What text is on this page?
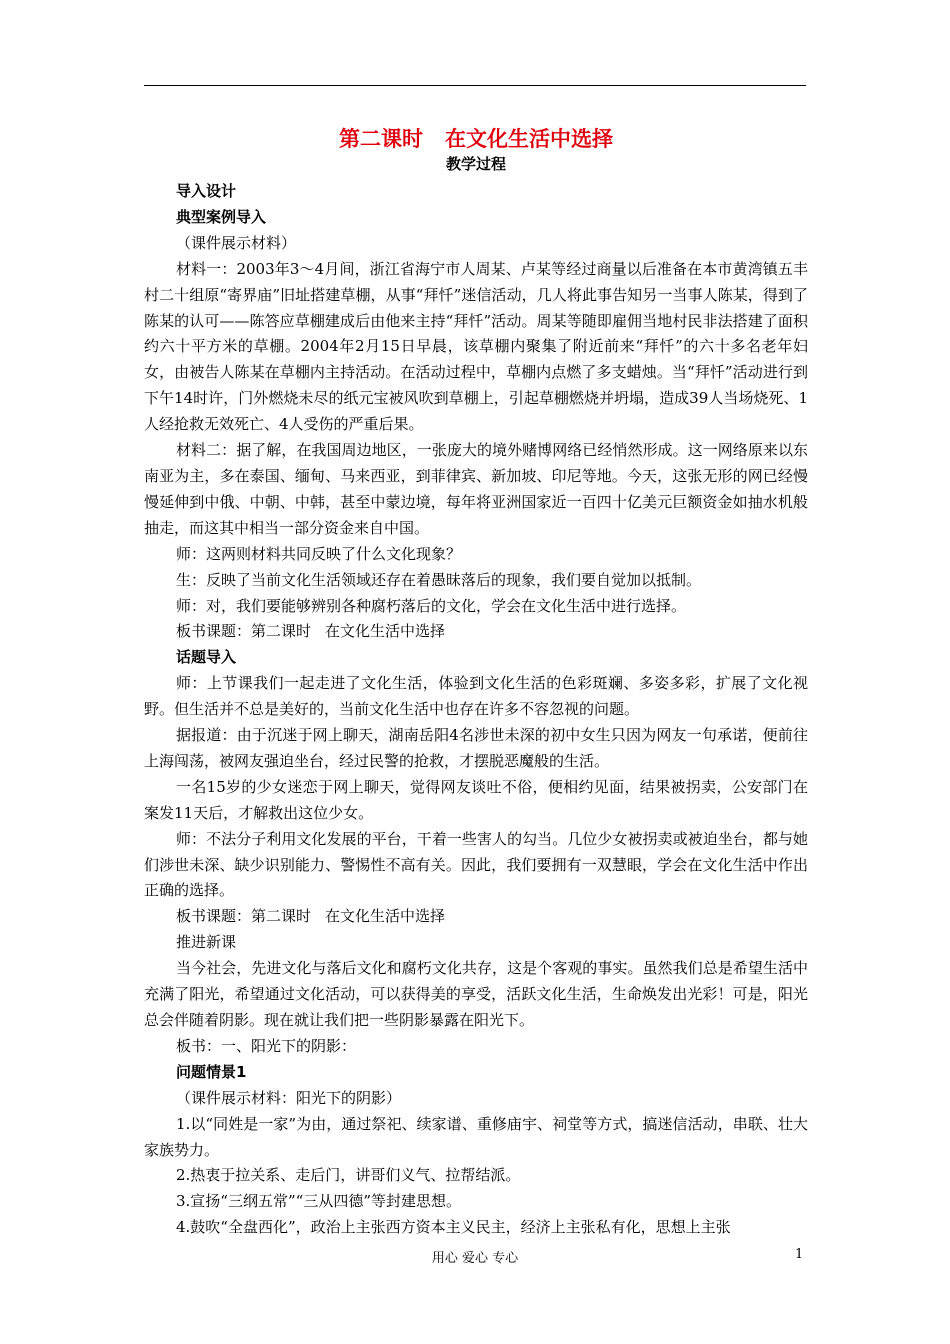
第二课时 在文化生活中选择
教学过程

导入设计

典型案例导入

（课件展示材料）

材料一：2003年3～4月间，浙江省海宁市人周某、卢某等经过商量以后准备在本市黄湾镇五丰村二十组原“寄界庙”旧址搭建草棚，从事“拜忏”迷信活动，几人将此事告知另一当事人陈某，得到了陈某的认可——陈答应草棚建成后由他来主持“拜忏”活动。周某等随即雇佣当地村民非法搭建了面积约六十平方米的草棚。2004年2月15日早晨，该草棚内聚集了附近前来“拜忏”的六十多名老年妇女，由被告人陈某在草棚内主持活动。在活动过程中，草棚内点燃了多支蜡烛。当“拜忏”活动进行到下午14时许，门外燃烧未尽的纸元宝被风吹到草棚上，引起草棚燃烧并坍塌，造成39人当场烧死、1人经抢救无效死亡、4人受伤的严重后果。

材料二：据了解，在我国周边地区，一张庞大的境外赌博网络已经悄然形成。这一网络原来以东南亚为主，多在泰国、缅甸、马来西亚，到菲律宾、新加坡、印尼等地。今天，这张无形的网已经慢慢延伸到中俄、中朝、中韩，甚至中蒙边境，每年将亚洲国家近一百四十亿美元巨额资金如抽水机般抽走，而这其中相当一部分资金来自中国。

师：这两则材料共同反映了什么文化现象？

生：反映了当前文化生活领域还存在着愚昧落后的现象，我们要自觉加以抵制。

师：对，我们要能够辨别各种腐朽落后的文化，学会在文化生活中进行选择。

板书课题：第二课时 在文化生活中选择

话题导入

师：上节课我们一起走进了文化生活，体验到文化生活的色彩斑斓、多姿多彩，扩展了文化视野。但生活并不总是美好的，当前文化生活中也存在许多不容忽视的问题。

据报道：由于沉迷于网上聊天，湖南岳阳4名涉世未深的初中女生只因为网友一句承诺，便前往上海闯荡，被网友强迫坐台，经过民警的抢救，才摆脱恶魔般的生活。

一名15岁的少女迷恋于网上聊天，觉得网友谈吐不俗，便相约见面，结果被拐卖，公安部门在案发11天后，才解救出这位少女。

师：不法分子利用文化发展的平台，干着一些害人的勾当。几位少女被拐卖或被迫坐台，都与她们涉世未深、缺少识别能力、警惕性不高有关。因此，我们要拥有一双慧眼，学会在文化生活中作出正确的选择。

板书课题：第二课时 在文化生活中选择

推进新课

当今社会，先进文化与落后文化和腐朽文化共存，这是个客观的事实。虽然我们总是希望生活中充满了阳光，希望通过文化活动，可以获得美的享受，活跃文化生活，生命焕发出光彩！可是，阳光总会伴随着阴影。现在就让我们把一些阴影暴露在阳光下。

板书：一、阳光下的阴影：

问题情景1

（课件展示材料：阳光下的阴影）

1.以“同姓是一家”为由，通过祭祀、续家谱、重修庙宇、祠堂等方式，搞迷信活动，串联、壮大家族势力。

2.热衷于拉关系、走后门，讲哥们义气、拉帮结派。

3.宣扬“三纲五常”“三从四德”等封建思想。

4.鼓吹“全盘西化”，政治上主张西方资本主义民主，经济上主张私有化，思想上主张

用心 爱心 专心	1
